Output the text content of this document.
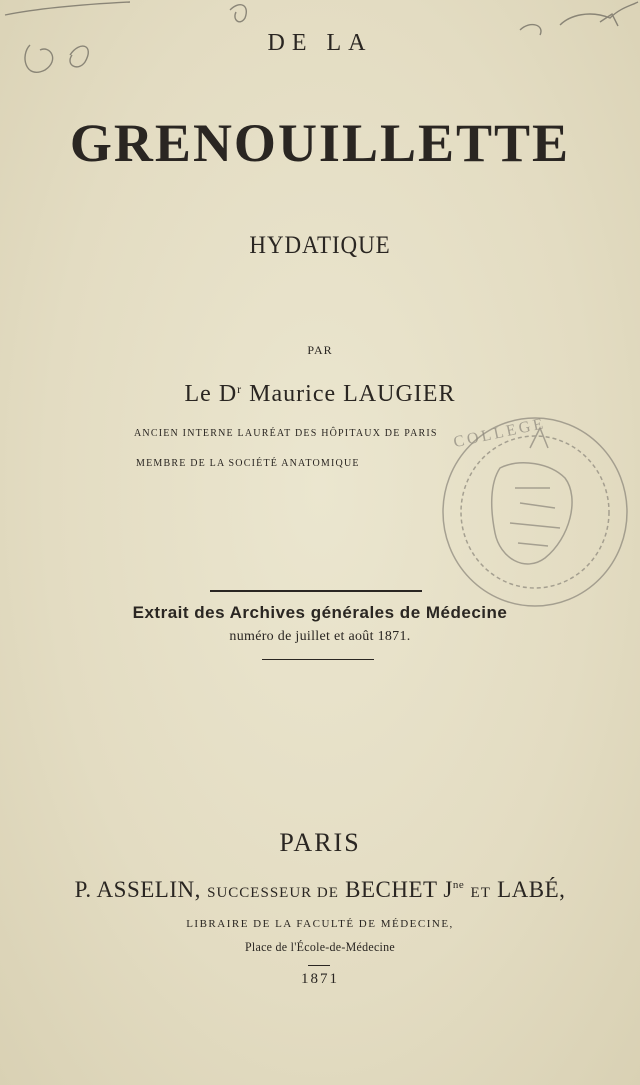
DE LA
GRENOUILLETTE
HYDATIQUE
PAR
Le $D^r$ Maurice LAUGIER
ANCIEN INTERNE LAURÉAT DES HÔPITAUX DE PARIS
MEMBRE DE LA SOCIÉTÉ ANATOMIQUE
COLLEGE
Extrait des Archives générales de Médecine
numéro de juillet et août 1871.
PARIS
P. ASSELIN, SUCCESSEUR DE BECHET $J^{ne}$ ET LABÉ,
LIBRAIRE DE LA FACULTÉ DE MÉDECINE,
Place de l'École-de-Médecine
1871
